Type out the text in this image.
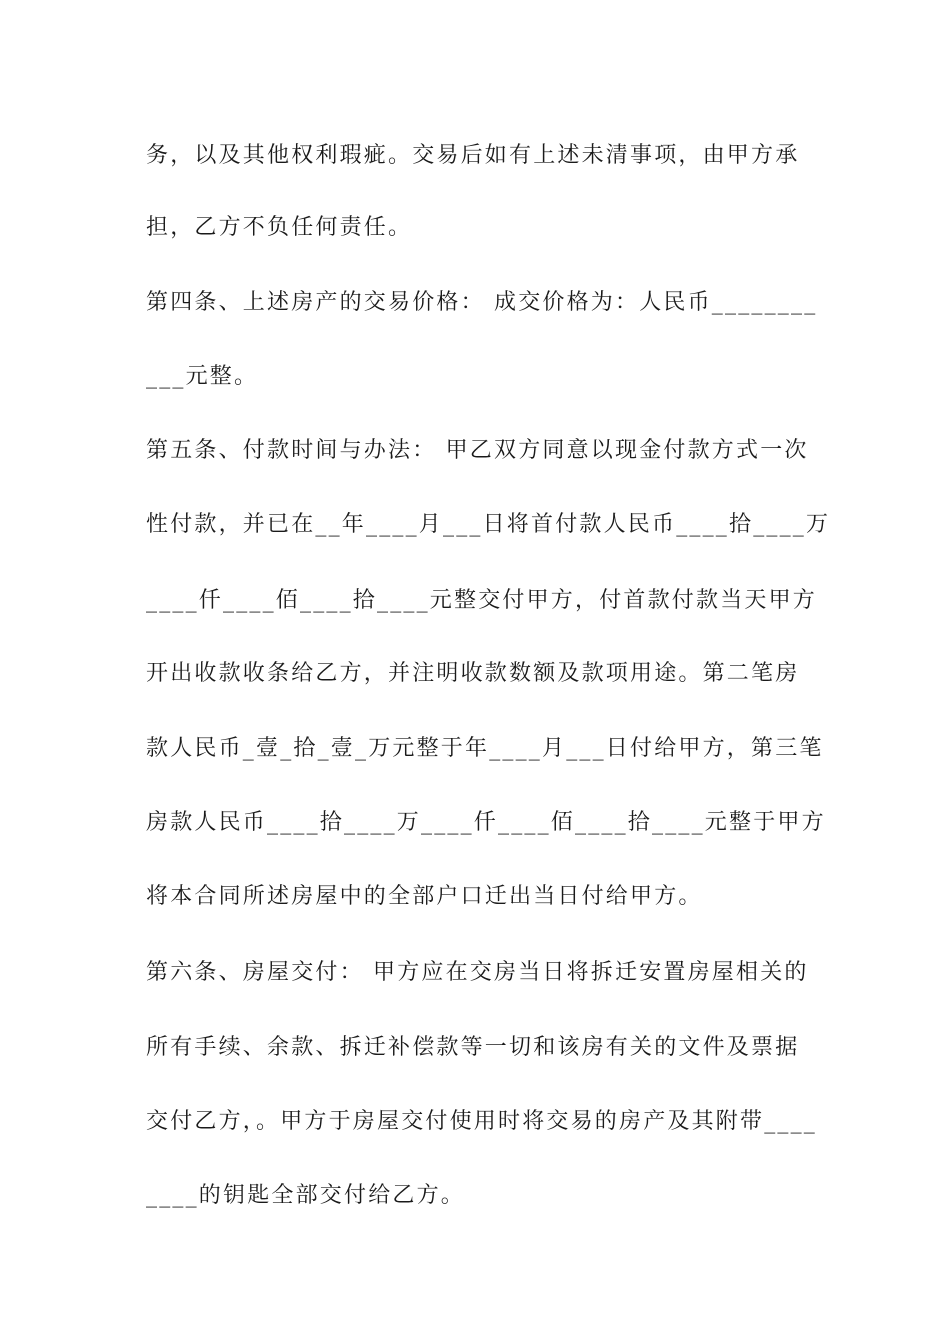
务，以及其他权利瑕疵。交易后如有上述未清事项，由甲方承
担，乙方不负任何责任。
第四条、上述房产的交易价格： 成交价格为：人民币________
___元整。
第五条、付款时间与办法： 甲乙双方同意以现金付款方式一次
性付款，并已在__年____月___日将首付款人民币____拾____万
____仟____佰____拾____元整交付甲方，付首款付款当天甲方
开出收款收条给乙方，并注明收款数额及款项用途。第二笔房
款人民币_壹_拾_壹_万元整于年____月___日付给甲方，第三笔
房款人民币____拾____万____仟____佰____拾____元整于甲方
将本合同所述房屋中的全部户口迁出当日付给甲方。
第六条、房屋交付： 甲方应在交房当日将拆迁安置房屋相关的
所有手续、余款、拆迁补偿款等一切和该房有关的文件及票据
交付乙方，。甲方于房屋交付使用时将交易的房产及其附带____
____的钥匙全部交付给乙方。
